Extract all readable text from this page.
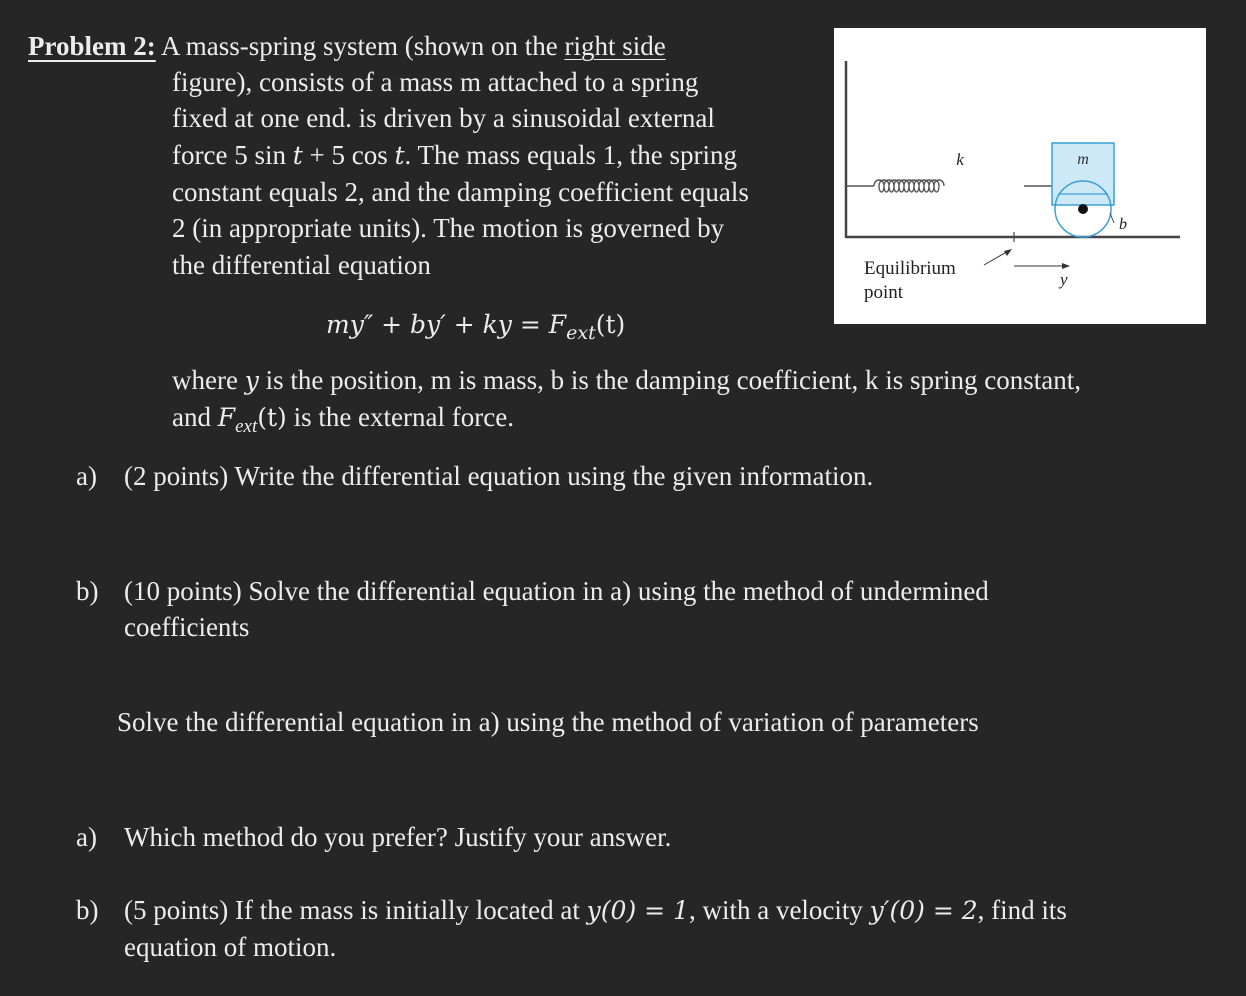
Problem 2: A mass-spring system (shown on the right side
figure), consists of a mass m attached to a spring
fixed at one end. is driven by a sinusoidal external
force 5 sin t + 5 cos t. The mass equals 1, the spring
constant equals 2, and the damping coefficient equals
2 (in appropriate units). The motion is governed by
the differential equation
my″ + by′ + ky = $F_{ext}(t)$
k	m
b
Equilibrium
point
y
where y is the position, m is mass, b is the damping coefficient, k is spring constant,
and $F_{ext}(t)$ is the external force.
a) (2 points) Write the differential equation using the given information.
b) (10 points) Solve the differential equation in a) using the method of undermined
coefficients
Solve the differential equation in a) using the method of variation of parameters
a) Which method do you prefer? Justify your answer.
b) (5 points) If the mass is initially located at y(0) = 1, with a velocity y′(0) = 2, find its
equation of motion.
